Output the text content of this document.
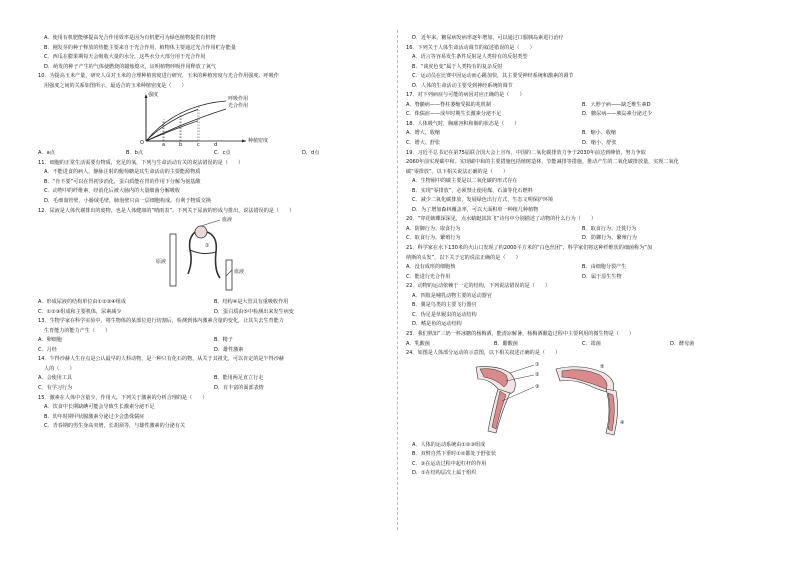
A．使用有机肥能够提高光合作用效率是因为有机肥可为绿色植物提供有机物
B．刚发芽的种子释放的热能主要来自于光合作用，植物体主要通过光合作用贮存能量
C．西瓜在膨果期每天会吸收大量的水分，这些水分大部分用于光合作用
D．萌发的种子产生的气体使燃烧的蜡烛熄灭，证明植物呼吸作用释放了氧气
10．为提高玉米产量，研究人员对玉米的合理种植密度进行研究，玉米的种植密度与光合作用强度、呼吸作
用强度之间的关系如图所示，最适合的玉米种植密度是（　　）
强度
呼吸作用
光合作用
O	a	b	c	d
种植密度
A．a点	B．b点	C．c点	D．d点
11．细胞的正常生活需要有物质，充足的氧，下列与生命活动有关的说法错误的是（　　）
A．不能进食的病人，静脉注射的葡萄糖是其生命活动的主要能源物质
B．“肯不要”可以在胃初步消化，蛋白质能在胃的作用下分解为氨基酸
C．动物中的纤维素，经消化后被大肠内的大量细菌分解吸收
D．毛细血管壁，小肠绒毛壁，肺泡壁只由一层细胞构成，有利于物质交换
12．尿液是人体代谢排出的废物，也是人体健康的“晴雨表”。下列关于尿液的形成与排出，说法错误的是（　　）
血液
原液
①
血液
A．形成尿液的结构单位由①②③④组成	B．结构④是大管具有重吸收作用
C．①②③组成和主要机体，尿素减少	D．蛋白质由⑤中检测出来发生病变
13．生物学家在科学实验中，将生物体的某部位进行切割后，检测到体内激素含量的变化，让其失去生育能力
生育能力的能力产生（　　）
A．卵细胞	B．精子
C．月经	D．雄性激素
14．乍得沙赫人生存点是公认最早的人科动物，是一种只有化石的物，从关于其祖先，可以肯定的是乍得沙赫
人的（　　）
A．会使用工具	B．能用两足直立行走
C．有学习行为	D．有丰富的面部表情
15．激素在人体中含量少，作用大。下列关于激素的分析合理的是（　　）
A．饮食中长期缺碘可能会导致生长激素分泌不足
B．幼年时期甲状腺激素分泌过少会患侏儒症
C．青春期的男生身高突增，长胡须等，与雄性激素的分泌有关
D．近年来，糖尿病发病率逐年增加，可以通过口服胰岛素进行治疗
16．下列关于人体生命活动调节的叙述错误的是（　　）
A．语言等容易发生条件反射是人类特有的反射类型
B．“谈虎色变”属于人类特有的复杂反射
C．运动员在比赛中因运动而心跳加快，其主要受神经系统和激素的调节
D．人体的生命活动主要受到神经系统的调节
17．对下列病症与可能的病因对应正确的是（　　）
A．脊髓病——脊柱萎缩受损的兆机制	B．大脖子病——缺乏维生素D
C．侏儒症——成年时期生长激素分泌不足	D．糖尿病——胰岛素分泌过少
18．人体吸气时，胸廓容积和肺的状态是（　　）
A．增大、收缩	B．缩小、收缩
C．增大、舒张	D．缩小、舒张
19．习近平总书记在第75届联合国大会上宣布，中国的二氧化碳排放力争于2030年前达到峰值，努力争取
2060年前实现碳中和。实现碳中和的主要措施包括植树造林，节能减排等措施。推动产生的二氧化碳排放量，实现二氧化
碳“零排放”。以下相关说法正确的是（　　）
A．生物圈中的碳主要是以二氧化碳的形式存在
B．实现“零排放”，必须禁止使用煤、石油等化石燃料
C．减少二氧化碳排放，发展绿色出行方式，生态文明保护环境
D．为了增加森林覆盖率，可以大面积单一种植几种植物
20．“穿花蛱蝶深深见，点水蜻蜓款款飞”诗句中分别描述了动物的什么行为（　　）
A．防御行为、取食行为	B．取食行为、迁徙行为
C．取食行为、繁殖行为	D．防御行为、繁殖行为
21．科学家在水下130米的火山口发现了约2000平方米的“白色丝团”，科学家们将这种纤维状的细菌称为“加
纳斯的头发”，以下关于它的说法正确的是（　　）
A．没有成形的细胞核	B．由细胞分裂产生
C．能进行光合作用	D．属于原生生物
22．动物的运动依赖于一定的结构，下列说法错误的是（　　）
A．四肢是哺乳动物主要的运动器官
B．翼是鸟类的主要飞行器官
C．伪足是草履虫的运动结构
D．鳍是鱼的运动结构
23．我们熟知“三奶一杯冰糖的杨梅酒，能清凉解暑，杨梅酒酿造过程中主要利用的微生物是（　　）
A．乳酸菌	B．醋酸菌	C．霉菌	D．酵母菌
24．如图是人体部分运动的示意图，以下相关叙述正确的是（　　）
①
②
③
④
⑤
A．人体的运动系统由①②③组成
B．双臂自然下垂时①②都处于舒张状
C．③在运动过程中起杠杆的作用
D．①在结构层次上属于组织
